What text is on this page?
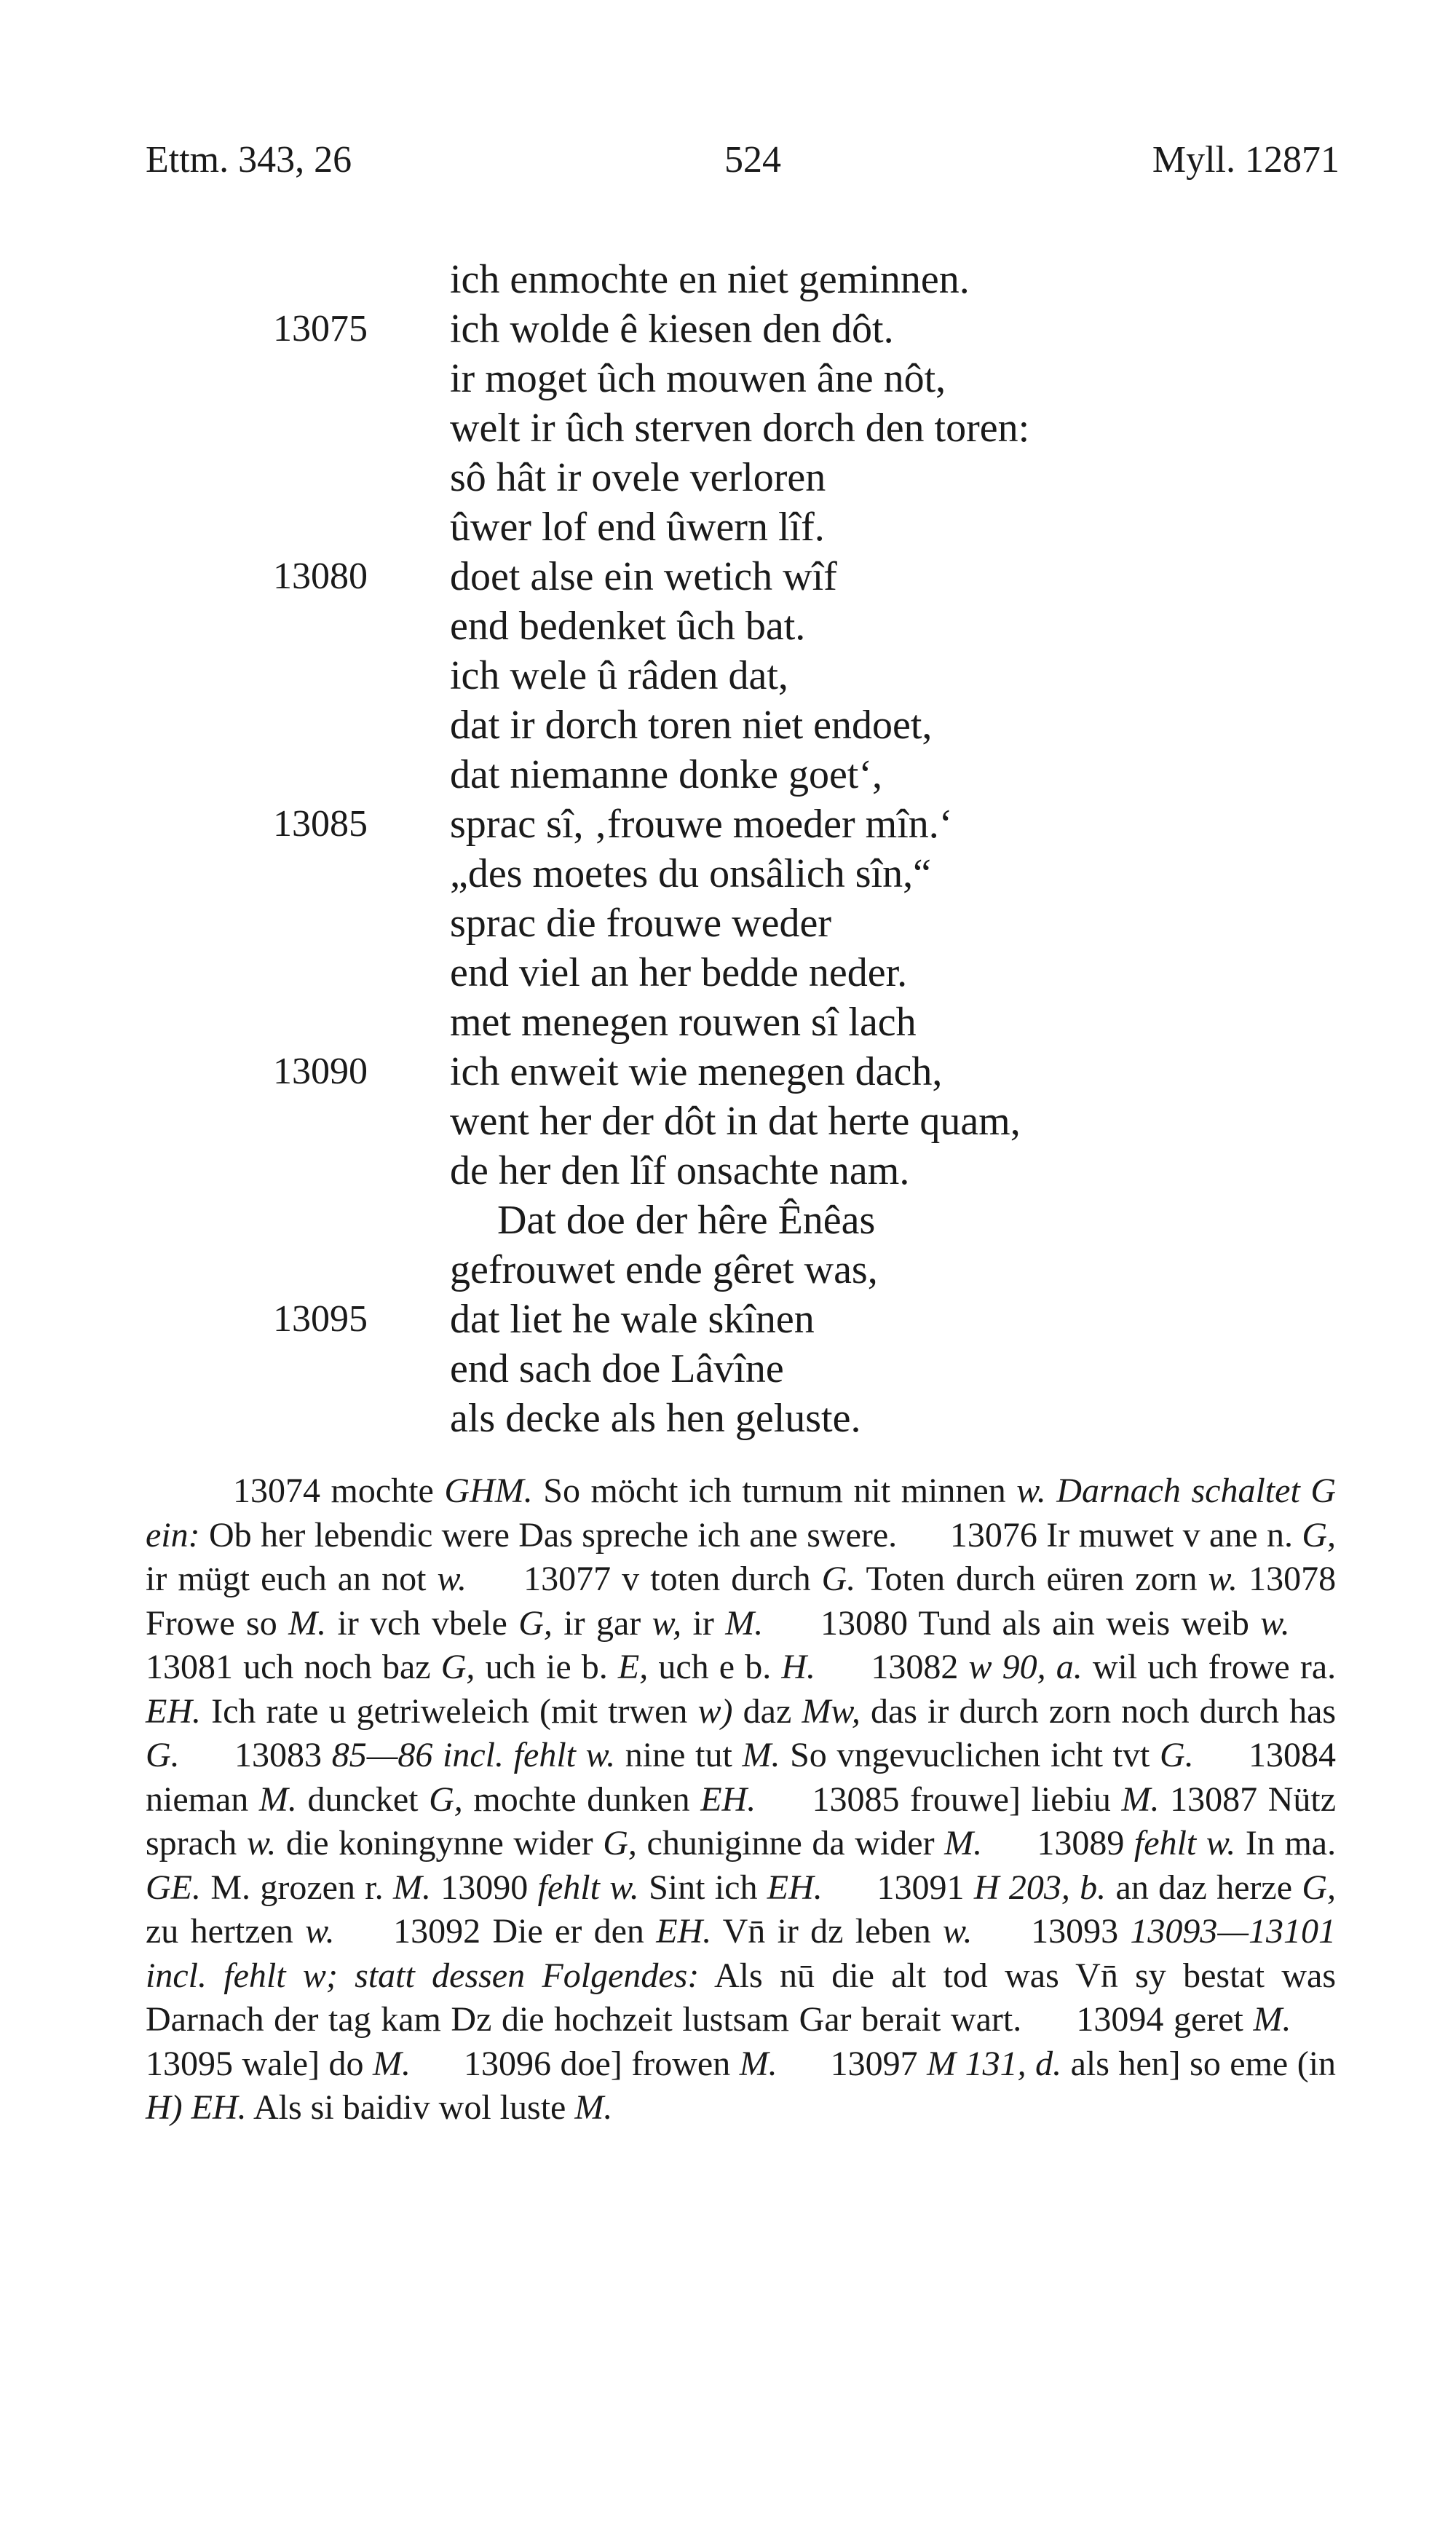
Ettm. 343, 26	524	Myll. 12871
ich enmochte en niet geminnen.
13075	ich wolde ê kiesen den dôt.
ir moget ûch mouwen âne nôt,
welt ir ûch sterven dorch den toren:
sô hât ir ovele verloren
ûwer lof end ûwern lîf.
13080	doet alse ein wetich wîf
end bedenket ûch bat.
ich wele û râden dat,
dat ir dorch toren niet endoet,
dat niemanne donke goet‘,
13085	sprac sî, ‚frouwe moeder mîn.‘
„des moetes du onsâlich sîn,“
sprac die frouwe weder
end viel an her bedde neder.
met menegen rouwen sî lach
13090	ich enweit wie menegen dach,
went her der dôt in dat herte quam,
de her den lîf onsachte nam.
Dat doe der hêre Ênêas
gefrouwet ende gêret was,
13095	dat liet he wale skînen
end sach doe Lâvîne
als decke als hen geluste.
13074 mochte GHM. So möcht ich turnum nit minnen w. Darnach schaltet G ein: Ob her lebendic were Das spreche ich ane swere.   13076 Ir muwet v ane n. G, ir mügt euch an not w.   13077 v toten durch G. Toten durch eüren zorn w. 13078 Frowe so M. ir vch vbele G, ir gar w, ir M.   13080 Tund als ain weis weib w.   13081 uch noch baz G, uch ie b. E, uch e b. H.   13082 w 90, a. wil uch frowe ra. EH. Ich rate u getriweleich (mit trwen w) daz Mw, das ir durch zorn noch durch has G.   13083 85—86 incl. fehlt w. nine tut M. So vngevuclichen icht tvt G.   13084 nieman M. duncket G, mochte dunken EH.   13085 frouwe] liebiu M. 13087 Nütz sprach w. die koningynne wider G, chuniginne da wider M.   13089 fehlt w. In ma. GE. M. grozen r. M. 13090 fehlt w. Sint ich EH.   13091 H 203, b. an daz herze G, zu hertzen w.   13092 Die er den EH. Vn̄ ir dz leben w.   13093 13093—13101 incl. fehlt w; statt dessen Folgendes: Als nū die alt tod was Vn̄ sy bestat was Darnach der tag kam Dz die hochzeit lustsam Gar berait wart.   13094 geret M.   13095 wale] do M.   13096 doe] frowen M.   13097 M 131, d. als hen] so eme (in H) EH. Als si baidiv wol luste M.
